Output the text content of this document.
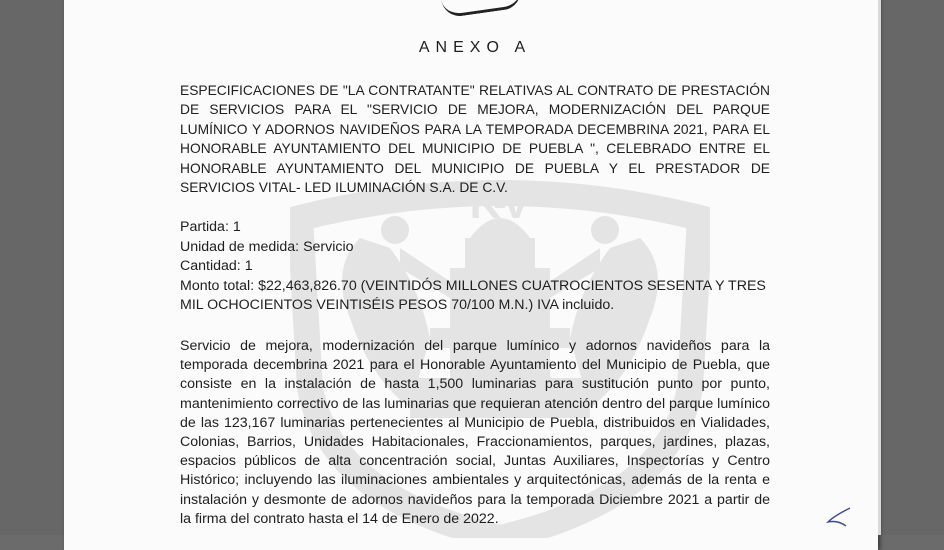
KV
ANEXO A
ESPECIFICACIONES DE "LA CONTRATANTE" RELATIVAS AL CONTRATO DE PRESTACIÓN DE SERVICIOS PARA EL "SERVICIO DE MEJORA, MODERNIZACIÓN DEL PARQUE LUMÍNICO Y ADORNOS NAVIDEÑOS PARA LA TEMPORADA DECEMBRINA 2021, PARA EL HONORABLE AYUNTAMIENTO DEL MUNICIPIO DE PUEBLA ", CELEBRADO ENTRE EL HONORABLE AYUNTAMIENTO DEL MUNICIPIO DE PUEBLA Y EL PRESTADOR DE SERVICIOS VITAL- LED ILUMINACIÓN S.A. DE C.V.
Partida: 1
Unidad de medida: Servicio
Cantidad: 1
Monto total: $22,463,826.70 (VEINTIDÓS MILLONES CUATROCIENTOS SESENTA Y TRES MIL OCHOCIENTOS VEINTISÉIS PESOS 70/100 M.N.) IVA incluido.
Servicio de mejora, modernización del parque lumínico y adornos navideños para la temporada decembrina 2021 para el Honorable Ayuntamiento del Municipio de Puebla, que consiste en la instalación de hasta 1,500 luminarias para sustitución punto por punto, mantenimiento correctivo de las luminarias que requieran atención dentro del parque lumínico de las 123,167 luminarias pertenecientes al Municipio de Puebla, distribuidos en Vialidades, Colonias, Barrios, Unidades Habitacionales, Fraccionamientos, parques, jardines, plazas, espacios públicos de alta concentración social, Juntas Auxiliares, Inspectorías y Centro Histórico; incluyendo las iluminaciones ambientales y arquitectónicas, además de la renta e instalación y desmonte de adornos navideños para la temporada Diciembre 2021 a partir de la firma del contrato hasta el 14 de Enero de 2022.
